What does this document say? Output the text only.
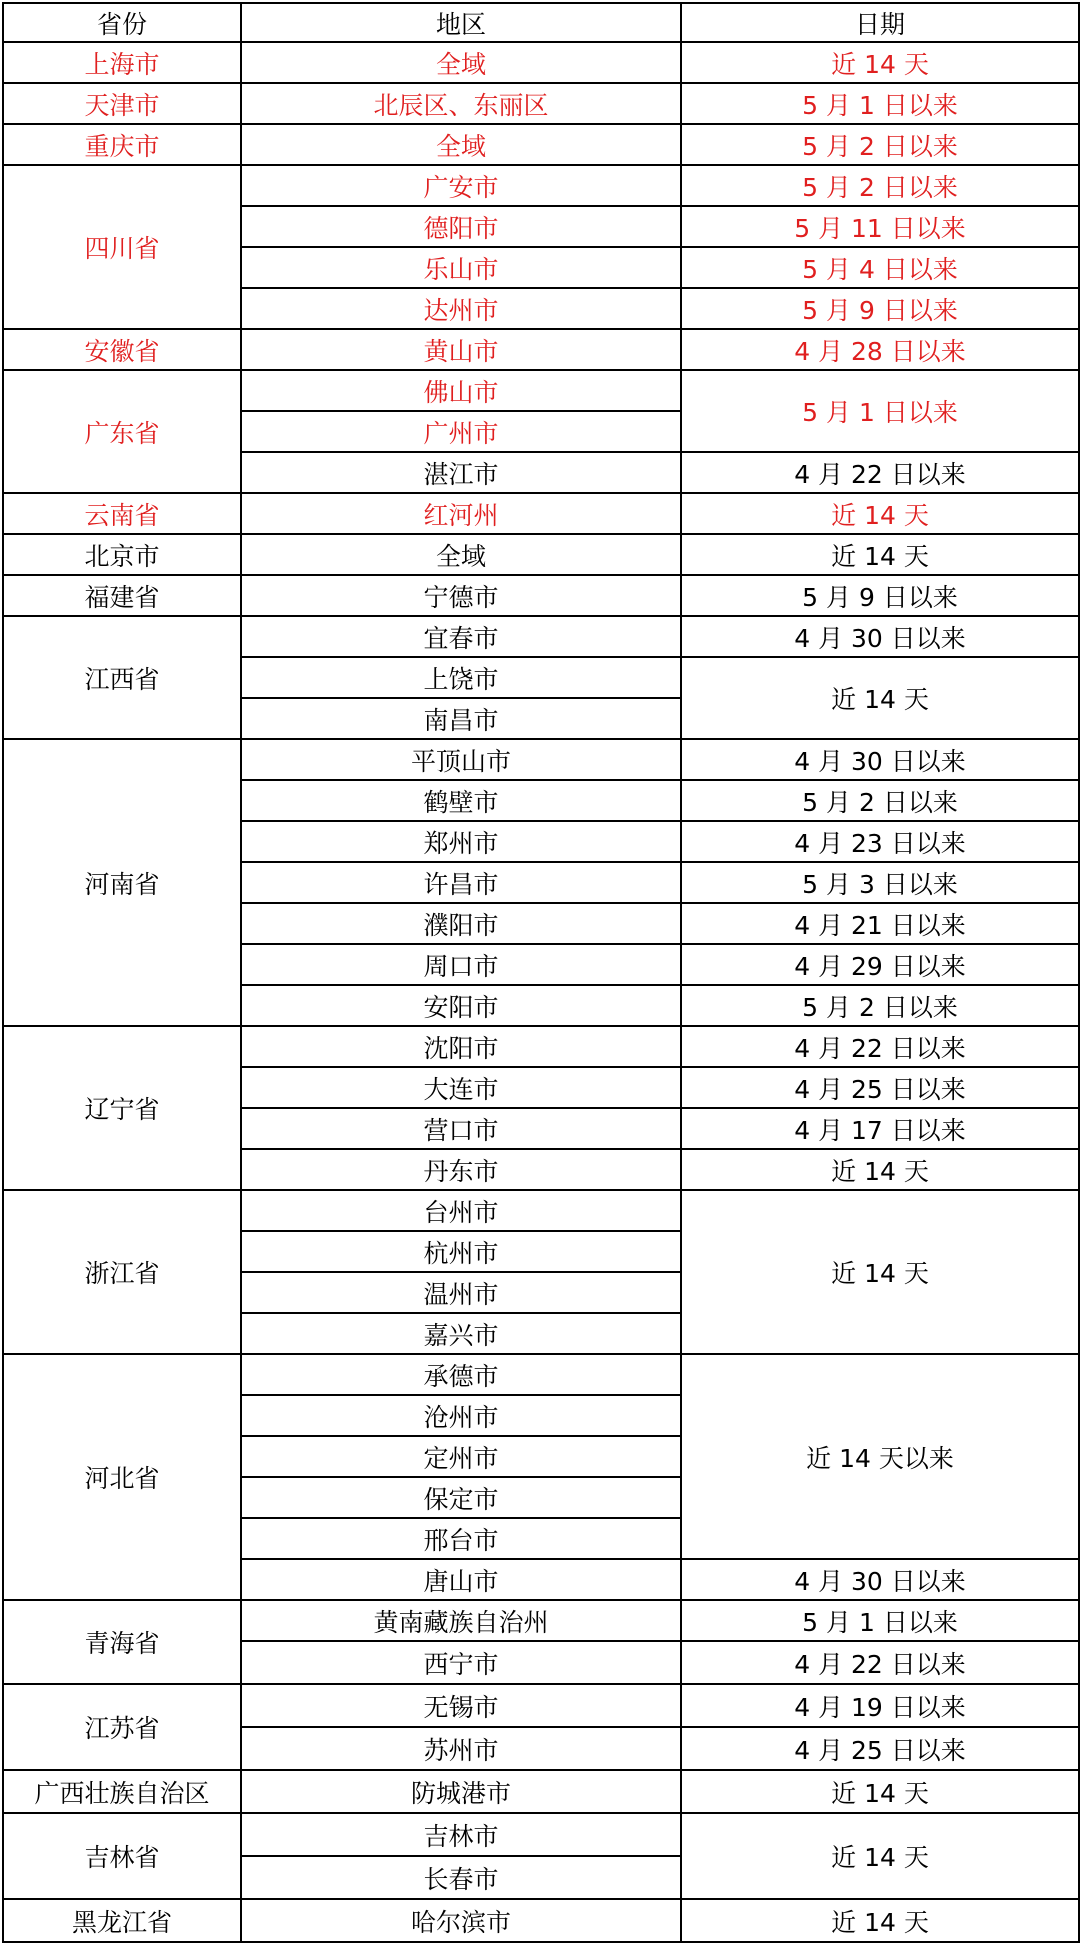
省份	地区	日期
上海市	全域	近 14 天
天津市	北辰区、东丽区	5 月 1 日以来
重庆市	全域	5 月 2 日以来
四川省	广安市	5 月 2 日以来
	德阳市	5 月 11 日以来
	乐山市	5 月 4 日以来
	达州市	5 月 9 日以来
安徽省	黄山市	4 月 28 日以来
广东省	佛山市	5 月 1 日以来
	广州市	
	湛江市	4 月 22 日以来
云南省	红河州	近 14 天
北京市	全域	近 14 天
福建省	宁德市	5 月 9 日以来
江西省	宜春市	4 月 30 日以来
	上饶市	近 14 天
	南昌市	
河南省	平顶山市	4 月 30 日以来
	鹤壁市	5 月 2 日以来
	郑州市	4 月 23 日以来
	许昌市	5 月 3 日以来
	濮阳市	4 月 21 日以来
	周口市	4 月 29 日以来
	安阳市	5 月 2 日以来
辽宁省	沈阳市	4 月 22 日以来
	大连市	4 月 25 日以来
	营口市	4 月 17 日以来
	丹东市	近 14 天
浙江省	台州市	近 14 天
	杭州市	
	温州市	
	嘉兴市	
河北省	承德市	近 14 天以来
	沧州市	
	定州市	
	保定市	
	邢台市	
	唐山市	4 月 30 日以来
青海省	黄南藏族自治州	5 月 1 日以来
	西宁市	4 月 22 日以来
江苏省	无锡市	4 月 19 日以来
	苏州市	4 月 25 日以来
广西壮族自治区	防城港市	近 14 天
吉林省	吉林市	近 14 天
	长春市	
黑龙江省	哈尔滨市	近 14 天
